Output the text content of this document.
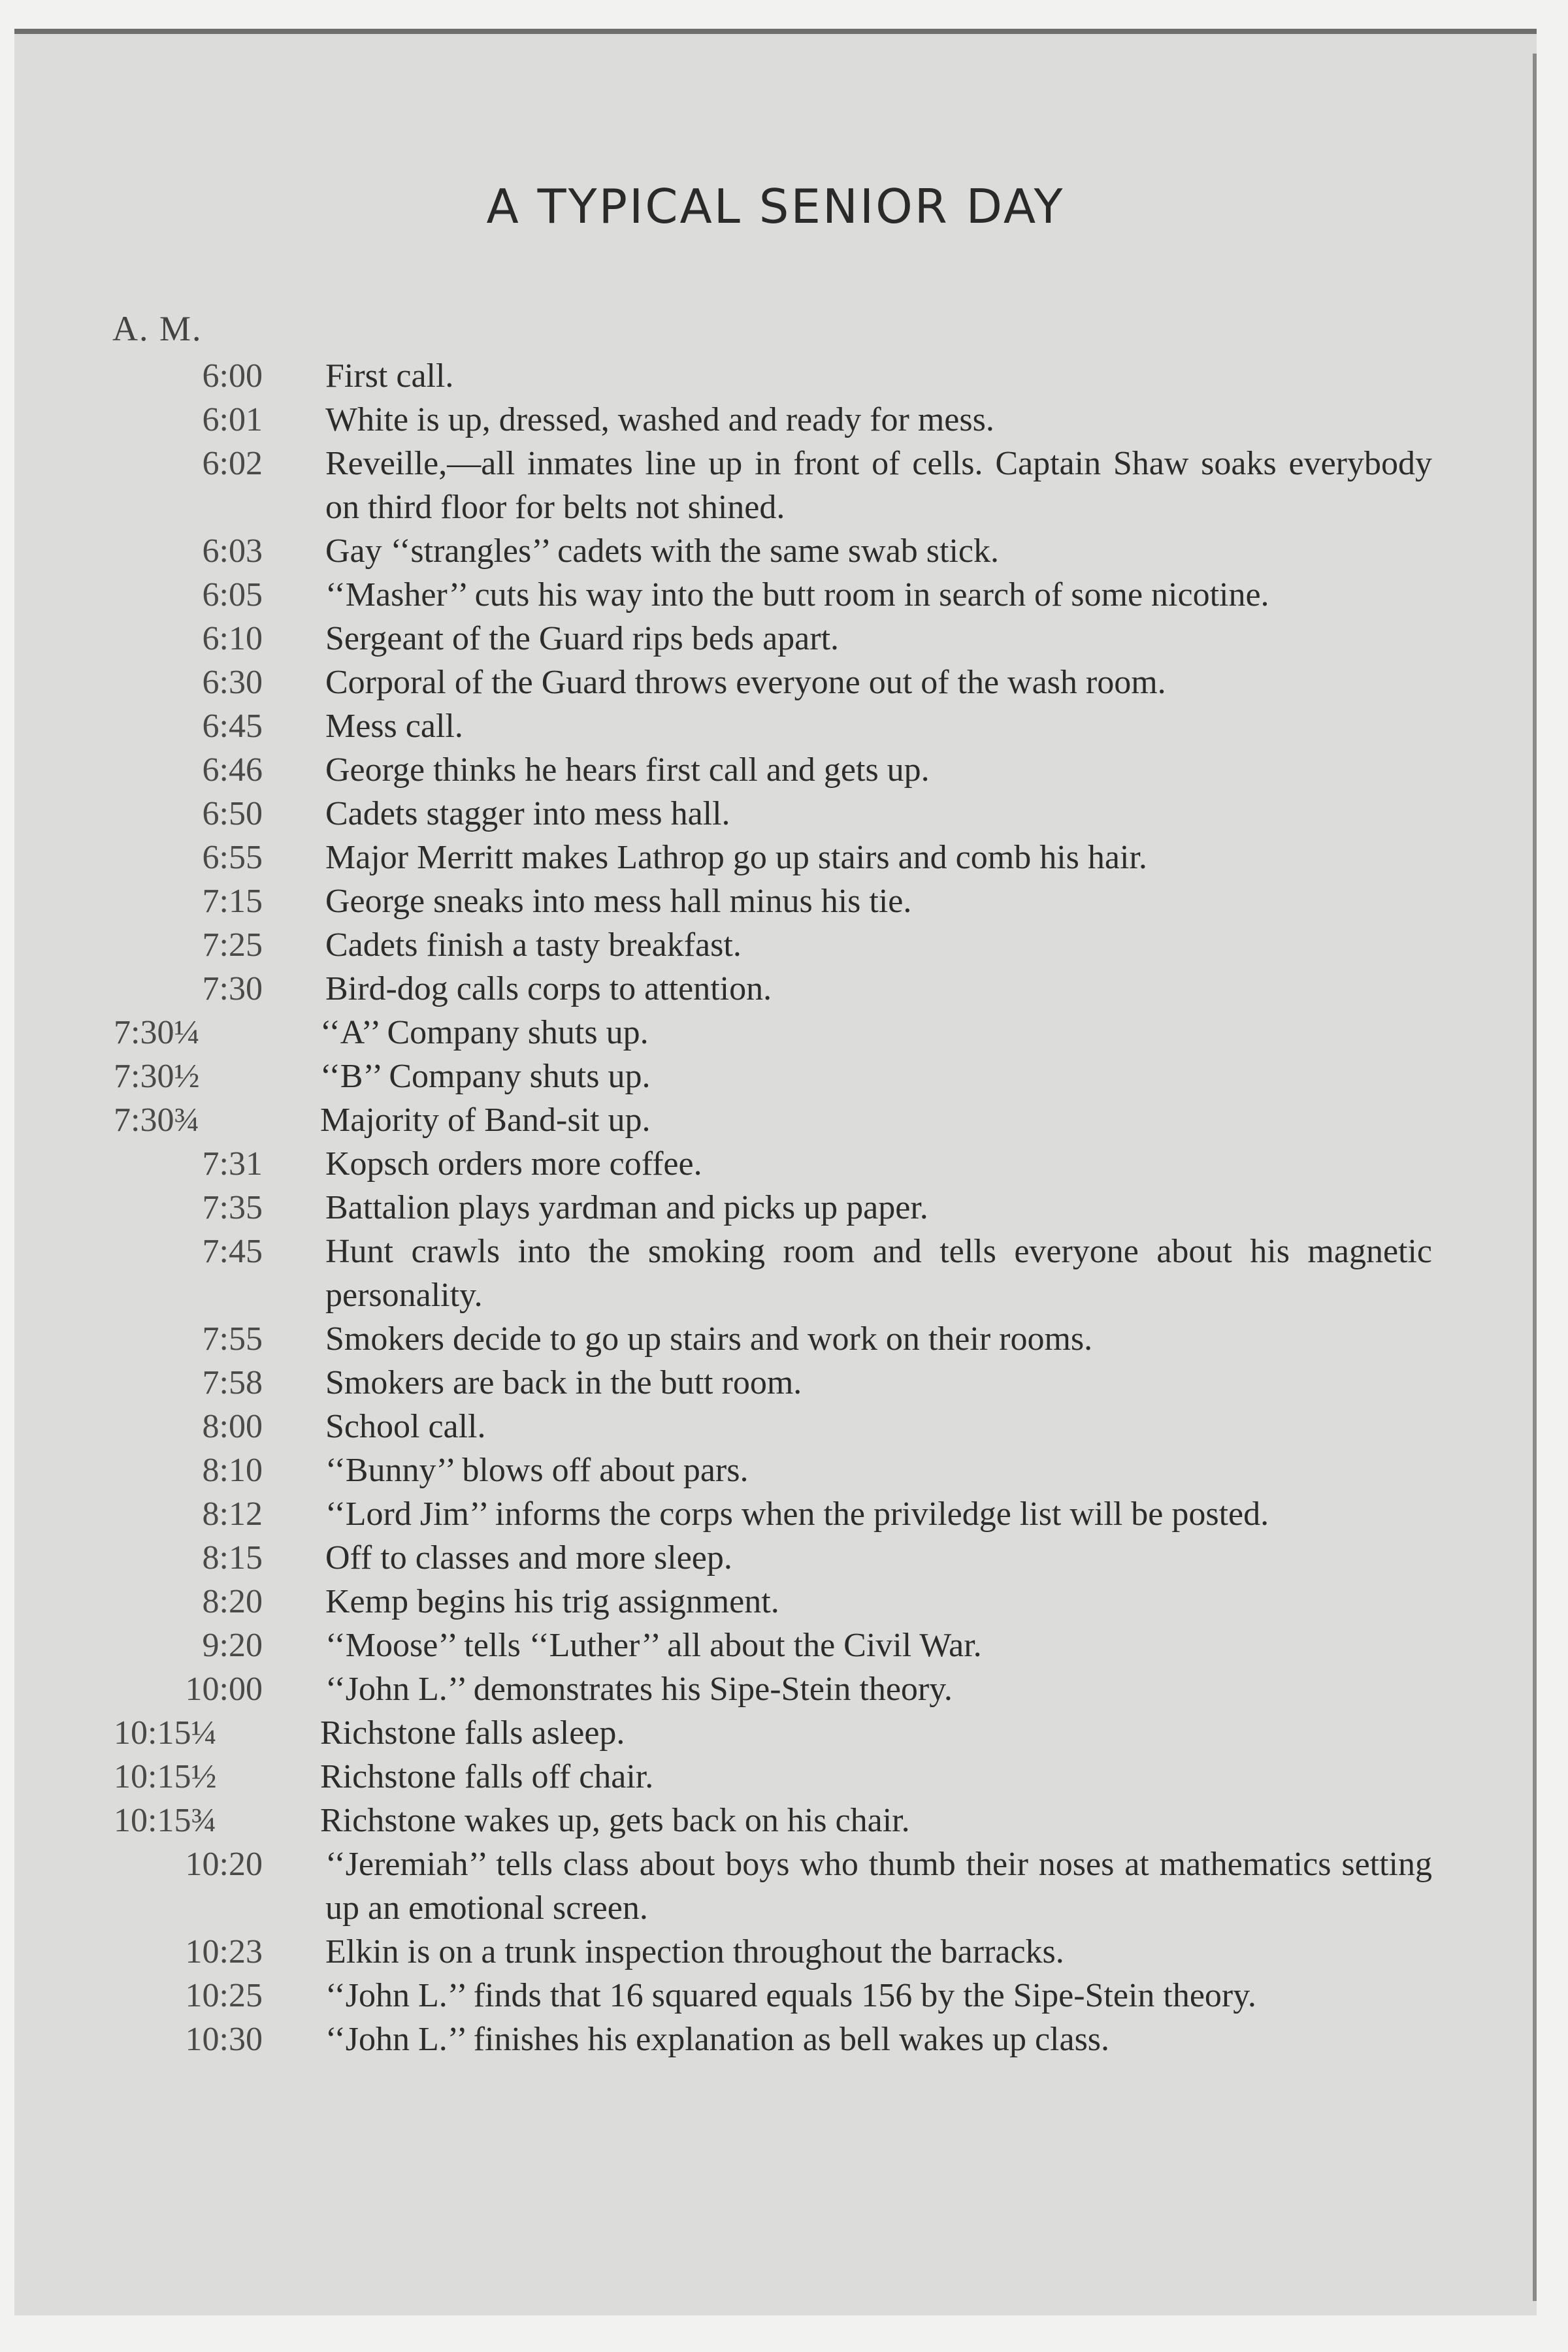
A TYPICAL SENIOR DAY
A. M.
6:00	First call.
6:01	White is up, dressed, washed and ready for mess.
6:02	Reveille,—all inmates line up in front of cells. Captain Shaw soaks everybody on third floor for belts not shined.
6:03	Gay ‘‘strangles’’ cadets with the same swab stick.
6:05	‘‘Masher’’ cuts his way into the butt room in search of some nicotine.
6:10	Sergeant of the Guard rips beds apart.
6:30	Corporal of the Guard throws everyone out of the wash room.
6:45	Mess call.
6:46	George thinks he hears first call and gets up.
6:50	Cadets stagger into mess hall.
6:55	Major Merritt makes Lathrop go up stairs and comb his hair.
7:15	George sneaks into mess hall minus his tie.
7:25	Cadets finish a tasty breakfast.
7:30	Bird-dog calls corps to attention.
7:30¼	‘‘A’’ Company shuts up.
7:30½	‘‘B’’ Company shuts up.
7:30¾	Majority of Band-sit up.
7:31	Kopsch orders more coffee.
7:35	Battalion plays yardman and picks up paper.
7:45	Hunt crawls into the smoking room and tells everyone about his magnetic personality.
7:55	Smokers decide to go up stairs and work on their rooms.
7:58	Smokers are back in the butt room.
8:00	School call.
8:10	‘‘Bunny’’ blows off about pars.
8:12	‘‘Lord Jim’’ informs the corps when the priviledge list will be posted.
8:15	Off to classes and more sleep.
8:20	Kemp begins his trig assignment.
9:20	‘‘Moose’’ tells ‘‘Luther’’ all about the Civil War.
10:00	‘‘John L.’’ demonstrates his Sipe-Stein theory.
10:15¼	Richstone falls asleep.
10:15½	Richstone falls off chair.
10:15¾	Richstone wakes up, gets back on his chair.
10:20	‘‘Jeremiah’’ tells class about boys who thumb their noses at mathematics setting up an emotional screen.
10:23	Elkin is on a trunk inspection throughout the barracks.
10:25	‘‘John L.’’ finds that 16 squared equals 156 by the Sipe-Stein theory.
10:30	‘‘John L.’’ finishes his explanation as bell wakes up class.
